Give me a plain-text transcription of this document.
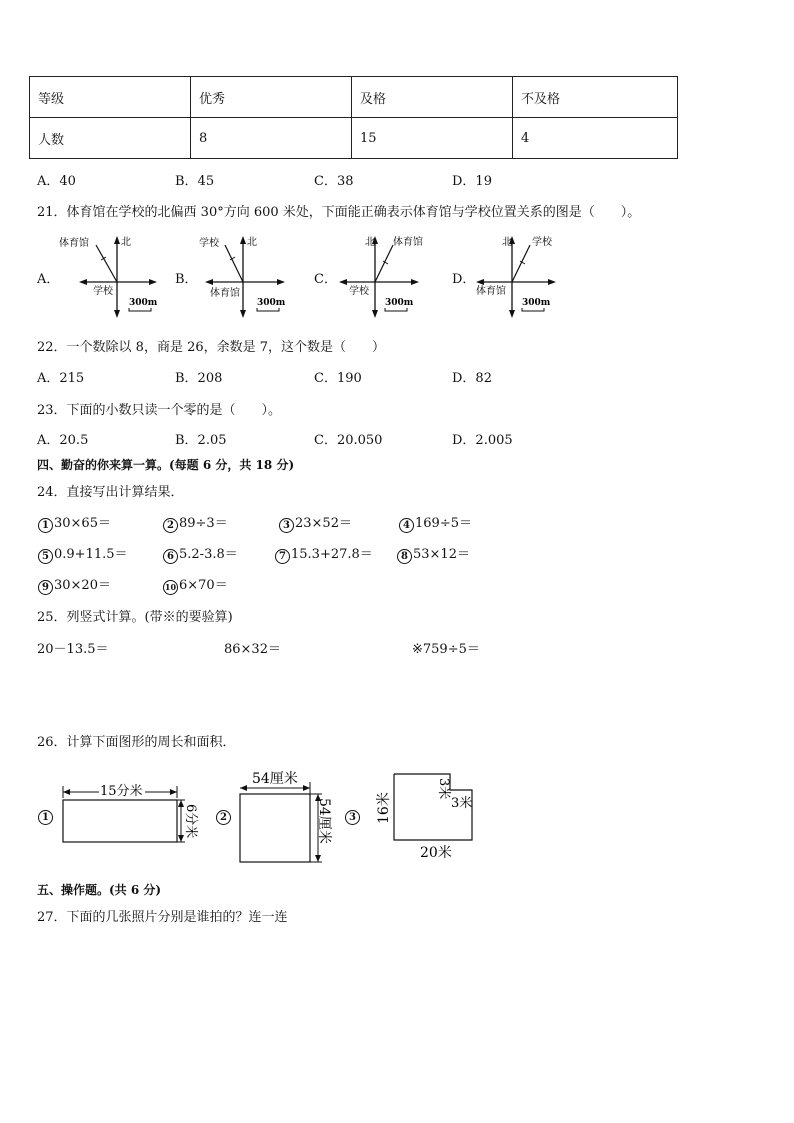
等级	优秀	及格	不及格
人数	8	15	4
A．40	B．45	C．38	D．19
21．体育馆在学校的北偏西 30°方向 600 米处，下面能正确表示体育馆与学校位置关系的图是（　　）。
A．	B．	C．	D．
体育馆	北
学校
300m
学校	北
体育馆
300m
北 体育馆
学校
300m
北 学校
体育馆
300m
22．一个数除以 8，商是 26，余数是 7，这个数是（　　）
A．215	B．208	C．190	D．82
23．下面的小数只读一个零的是（　　）。
A．20.5	B．2.05	C．20.050	D．2.005
四、勤奋的你来算一算。(每题 6 分，共 18 分)
24．直接写出计算结果．
1 30×65＝	2 89÷3＝	3 23×52＝	4 169÷5＝
5 0.9+11.5＝	6 5.2-3.8＝	7 15.3+27.8＝	8 53×12＝
9 30×20＝	10 6×70＝
25．列竖式计算。(带※的要验算)
20－13.5＝	86×32＝	※759÷5＝
26．计算下面图形的周长和面积．
1
15分米
6分米	2
54厘米
54厘米	3	16米
3米
3米
20米
五、操作题。(共 6 分)
27．下面的几张照片分别是谁拍的？连一连
